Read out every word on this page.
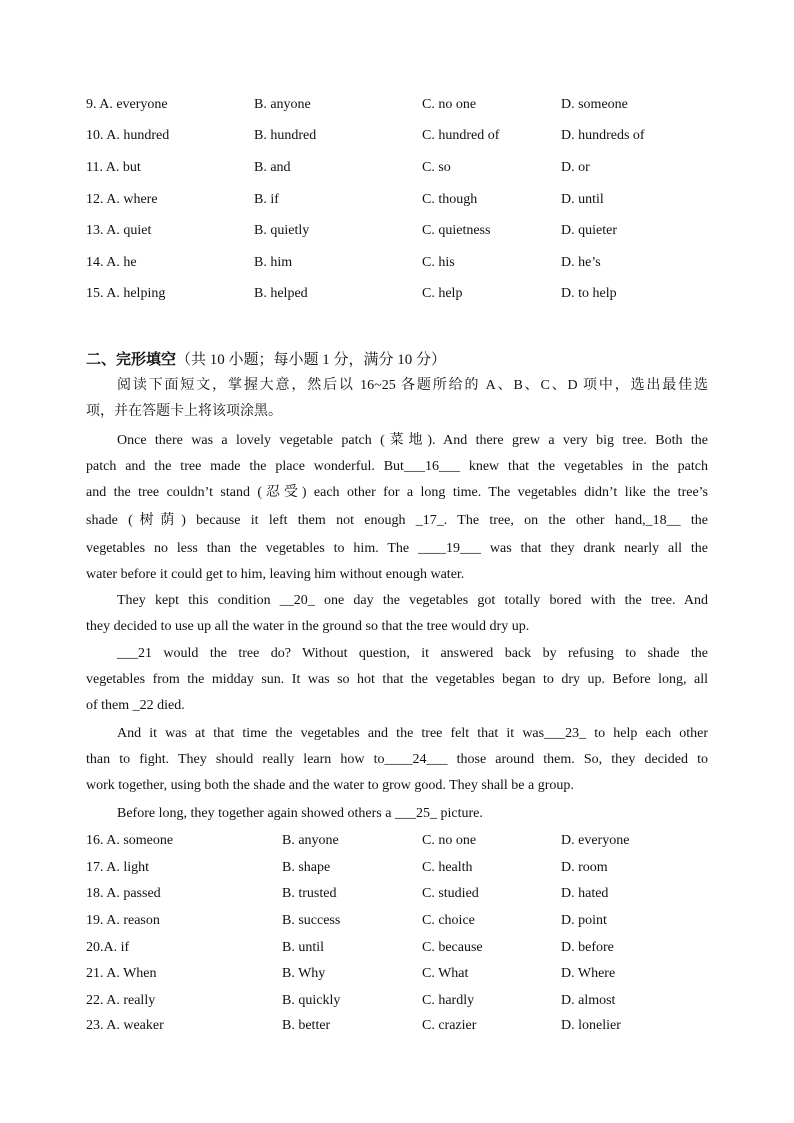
9. A. everyone	B. anyone	C. no one	D. someone
10. A. hundred	B. hundred	C. hundred of	D. hundreds of
11. A. but	B. and	C. so	D. or
12. A. where	B. if	C. though	D. until
13. A. quiet	B. quietly	C. quietness	D. quieter
14. A. he	B. him	C. his	D. he’s
15. A. helping	B. helped	C. help	D. to help
二、完形填空（共 10 小题；每小题 1 分，满分 10 分）
阅读下面短文，掌握大意，然后以 16~25 各题所给的 A、B、C、D 项中，选出最佳选
项，并在答题卡上将该项涂黑。
Once there was a lovely vegetable patch (菜地). And there grew a very big tree. Both the
patch and the tree made the place wonderful. But___16___ knew that the vegetables in the patch
and the tree couldn’t stand (忍受) each other for a long time. The vegetables didn’t like the tree’s
shade (树荫) because it left them not enough _17_. The tree, on the other hand,_18__ the
vegetables no less than the vegetables to him. The ____19___ was that they drank nearly all the
water before it could get to him, leaving him without enough water.
They kept this condition __20_ one day the vegetables got totally bored with the tree. And
they decided to use up all the water in the ground so that the tree would dry up.
___21 would the tree do? Without question, it answered back by refusing to shade the
vegetables from the midday sun. It was so hot that the vegetables began to dry up. Before long, all
of them _22 died.
And it was at that time the vegetables and the tree felt that it was___23_ to help each other
than to fight. They should really learn how to____24___ those around them. So, they decided to
work together, using both the shade and the water to grow good. They shall be a group.
Before long, they together again showed others a ___25_ picture.
16. A. someone	B. anyone	C. no one	D. everyone
17. A. light	B. shape	C. health	D. room
18. A. passed	B. trusted	C. studied	D. hated
19. A. reason	B. success	C. choice	D. point
20.A. if	B. until	C. because	D. before
21. A. When	B. Why	C. What	D. Where
22. A. really	B. quickly	C. hardly	D. almost
23. A. weaker	B. better	C. crazier	D. lonelier
